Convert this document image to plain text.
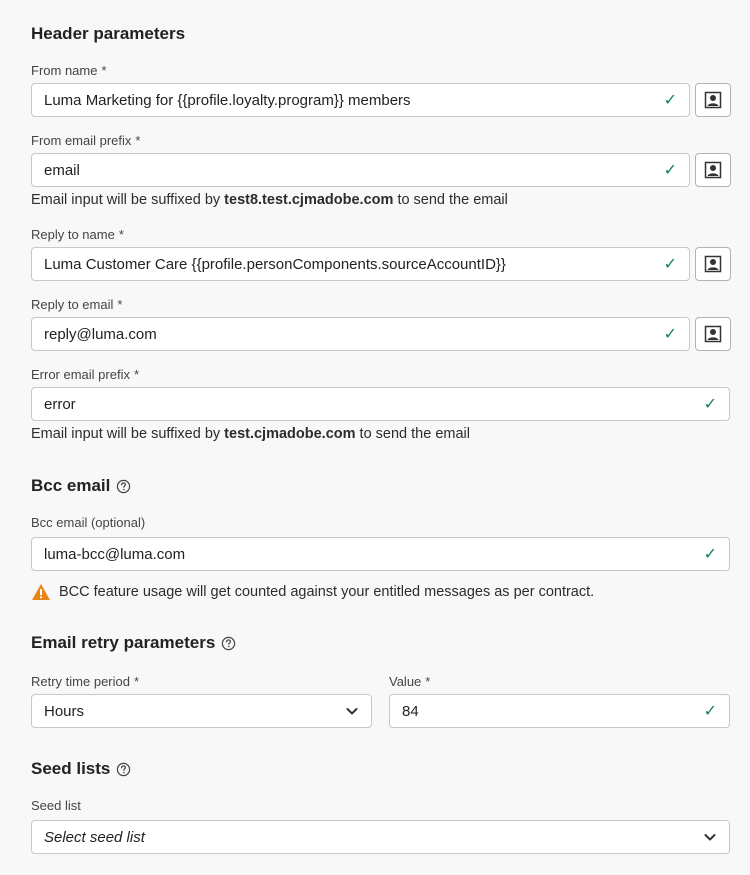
Header parameters
From name *
Luma Marketing for {{profile.loyalty.program}} members	✓
From email prefix *
email	✓
Email input will be suffixed by test8.test.cjmadobe.com to send the email
Reply to name *
Luma Customer Care {{profile.personComponents.sourceAccountID}}	✓
Reply to email *
reply@luma.com	✓
Error email prefix *
error	✓
Email input will be suffixed by test.cjmadobe.com to send the email
Bcc email
Bcc email (optional)
luma-bcc@luma.com	✓
BCC feature usage will get counted against your entitled messages as per contract.
Email retry parameters
Retry time period *
Hours
Value *
84	✓
Seed lists
Seed list
Select seed list
